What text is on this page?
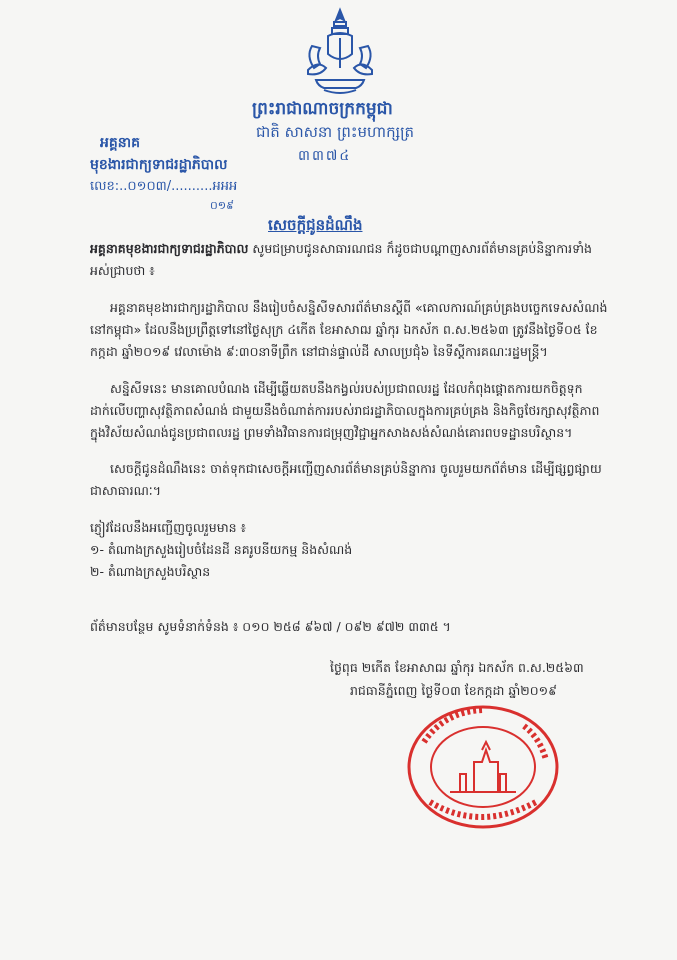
ព្រះរាជាណាចក្រកម្ពុជា
ជាតិ សាសនា ព្រះមហាក្សត្រ
៣៣៧៤
អគ្គនាគ
មុខងារជាក្យទាជរដ្ឋាភិបាល
លេខ:..០១០៣/..........អអអ
០១៩
សេចក្ដីជូនដំណឹង
អគ្គនាគមុខងារជាក្យទាជរដ្ឋាភិបាល សូមជម្រាបជូនសាធារណជន ក៏ដូចជាបណ្ដាញសារព័ត៌មានគ្រប់និន្នាការទាំងអស់ជ្រាបថា ៖
អគ្គនាគមុខងារជាក្យរដ្ឋាភិបាល នឹងរៀបចំសន្និសីទសារព័ត៌មានស្ដីពី «គោលការណ៍គ្រប់គ្រងបច្ចេកទេសសំណង់នៅកម្ពុជា» ដែលនឹងប្រព្រឹត្តទៅនៅថ្ងៃសុក្រ ៤កើត ខែអាសាឍ ឆ្នាំកុរ ឯកស័ក ព.ស.២៥៦៣ ត្រូវនឹងថ្ងៃទី០៥ ខែកក្កដា ឆ្នាំ២០១៩ វេលាម៉ោង ៩:៣០នាទីព្រឹក នៅជាន់ផ្ទាល់ដី សាលប្រជុំ៦ នៃទីស្ដីការគណៈរដ្ឋមន្ត្រី។
សន្និសីទនេះ មានគោលបំណង ដើម្បីឆ្លើយតបនឹងកង្វល់របស់ប្រជាពលរដ្ឋ ដែលកំពុងផ្ដោតការយកចិត្តទុកដាក់លើបញ្ហាសុវត្ថិភាពសំណង់ ជាមួយនឹងចំណាត់ការរបស់រាជរដ្ឋាភិបាលក្នុងការគ្រប់គ្រង និងកិច្ចថែរក្សាសុវត្ថិភាពក្នុងវិស័យសំណង់ជូនប្រជាពលរដ្ឋ ព្រមទាំងវិធានការជម្រុញវិជ្ជាអ្នកសាងសង់សំណង់គោរពបទដ្ឋានបរិស្ថាន។
សេចក្ដីជូនដំណឹងនេះ ចាត់ទុកជាសេចក្ដីអញ្ជើញសារព័ត៌មានគ្រប់និន្នាការ ចូលរួមយកព័ត៌មាន ដើម្បីផ្សព្វផ្សាយជាសាធារណៈ។
ភ្ញៀវដែលនឹងអញ្ជើញចូលរួមមាន ៖
១- តំណាងក្រសួងរៀបចំដែនដី នគរូបនីយកម្ម និងសំណង់
២- តំណាងក្រសួងបរិស្ថាន
ព័ត៌មានបន្ថែម សូមទំនាក់ទំនង ៖ ០១០ ២៥៨ ៩៦៧ / ០៩២ ៩៧២ ៣៣៥ ។
ថ្ងៃពុធ ២កើត ខែអាសាឍ ឆ្នាំកុរ ឯកស័ក ព.ស.២៥៦៣
រាជធានីភ្នំពេញ ថ្ងៃទី០៣ ខែកក្កដា ឆ្នាំ២០១៩
